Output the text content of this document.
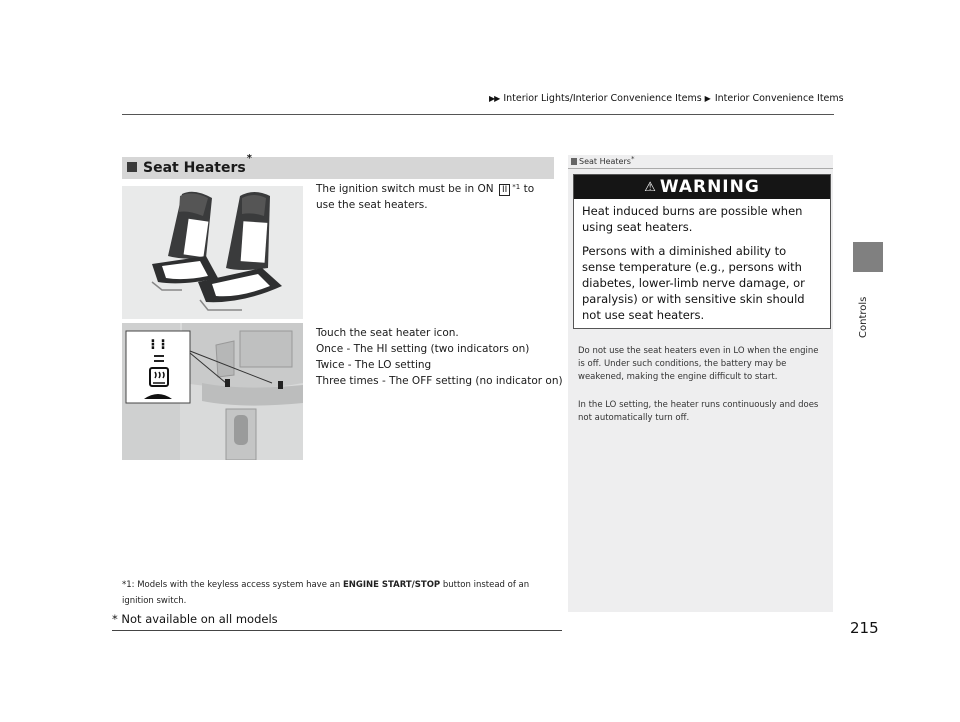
▶▶ Interior Lights/Interior Convenience Items ▶ Interior Convenience Items
Controls
Seat Heaters*
⁝ ⁝
The ignition switch must be in ON II $^{*1}$ to use the seat heaters.
Touch the seat heater icon.
Once - The HI setting (two indicators on)
Twice - The LO setting
Three times - The OFF setting (no indicator on)
*1: Models with the keyless access system have an ENGINE START/STOP button instead of an ignition switch.
* Not available on all models
Seat Heaters*
⚠ WARNING

Heat induced burns are possible when using seat heaters.

Persons with a diminished ability to sense temperature (e.g., persons with diabetes, lower-limb nerve damage, or paralysis) or with sensitive skin should not use seat heaters.

Do not use the seat heaters even in LO when the engine is off. Under such conditions, the battery may be weakened, making the engine difficult to start.
In the LO setting, the heater runs continuously and does not automatically turn off.
215
